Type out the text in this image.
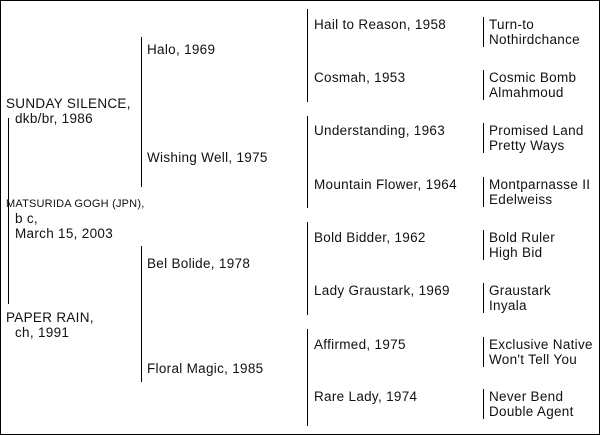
SUNDAY SILENCE,
dkb/br, 1986
MATSURIDA GOGH (JPN),
b c,
March 15, 2003
PAPER RAIN,
ch, 1991
Halo, 1969
Wishing Well, 1975
Bel Bolide, 1978
Floral Magic, 1985
Hail to Reason, 1958
Cosmah, 1953
Understanding, 1963
Mountain Flower, 1964
Bold Bidder, 1962
Lady Graustark, 1969
Affirmed, 1975
Rare Lady, 1974
Turn-to
Nothirdchance
Cosmic Bomb
Almahmoud
Promised Land
Pretty Ways
Montparnasse II
Edelweiss
Bold Ruler
High Bid
Graustark
Inyala
Exclusive Native
Won't Tell You
Never Bend
Double Agent
